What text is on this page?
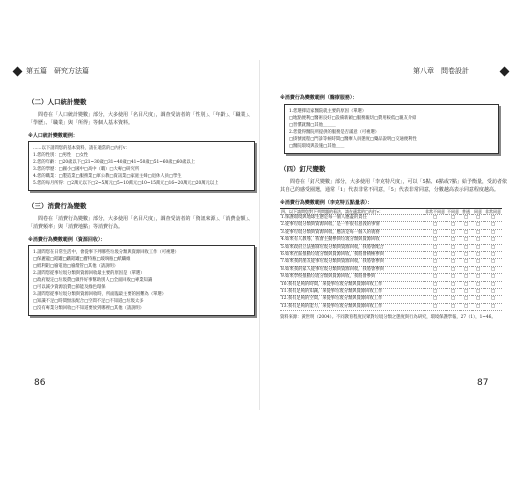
第五篇　研究方法篇
（二）人口統計變數

問卷在「人口統計變數」部分，大多使用「名目尺度」，調查受訪者的「性別」、「年齡」、「職業」、「學歷」、「職業」與「所得」等個人基本資料。

※人口統計變數範例：
……以下請問您的基本資料，請在適當的□內打v：
1.您的性別：□男性　□女性
2.您的年齡：□20歲以下□21~30歲□31~40歲□41~50歲□51~60歲□60歲以上
3.您的學歷：□國小□國中□高中（職）□大專□研究所
4.您的職業：□製造業□服務業□軍公教□資訊業□家庭主婦□退休人員□學生
5.您的每月所得：□2萬元以下□2~5萬元□5~10萬元□10~15萬元□16~20萬元□20萬元以上
（三）消費行為變數

問卷在「消費行為變數」部分，大多使用「名目尺度」，調查受訪者的「資訊來源」、「消費金額」、「消費頻率」與「消費地點」等消費行為。

※消費行為變數範例（資源回收）：
1.請問您在日常生活中，會從事下列哪些垃圾分類與資源回收工作（可複選）
□保麗龍□鋁罐□鐵鋁罐□寶特瓶□玻璃瓶□紙纖維
□紙利鋁□廢電池□廢燈管□其他（請說明）
2.請問您從事垃圾分類與資源回收最主要的原因是（單選）
□政府規定□垃圾費□做件好事幫助別人□全面回收□專業知識
□可以減少資源浪費□節能及綠色環保
3.請問您從事垃圾分類與資源回收時，所面臨最主要的困難為（單選）
□知識不足□時間無法配合□空間不足□不知道□垃圾太多
□沒有專業分類回收□不知道要放到哪裡□其他（請說明）
86
第八章　問卷設計
※消費行為變數範例（醫療服務）：
1.您選擇這家醫院就主要的原因（單選）
□地點便利□醫術良好□設備新穎□服務親切□費用較低□親友介紹
□習慣就醫□其他＿＿＿
2.您覺得醫院所提供的服務是否滿意（可複選）
□掛號流程□門診等候時間□醫療人員態度□藥品說明□交通便利性
□醫院環境與設施□其他＿＿
（四）釘尺變數

問卷在「釘尺變數」部分，大多使用「李克特尺度」，可以「5點、6點或7點」給予衡量，受訪者依其自己的感受圈選，通常「1」代表非常不同意，「5」代表非常同意，分數越高表示同意程度越高。

※消費行為變數範例（李克特五點量表）：
四、以下請問您對下列問題的看法，請在適當的□內打v：	非常不同意	不同意	普通	同意	非常同意
1.保護環境與地球生態是每一個人應盡的責任	□	□	□	□	□
2.從事垃圾分類與資源回收，是一件很有意義的事情	□	□	□	□	□
3.從事垃圾分類與資源回收，應該是每一個人的義務	□	□	□	□	□
4.如果有人教導，我會主動參與垃圾分類與資源回收	□	□	□	□	□
5.如果政府立法強制垃圾分類與資源回收，我將會配合	□	□	□	□	□
6.如果社區推動垃圾分類與資源回收，我將會積極參與	□	□	□	□	□
7.如果我的朋友從事垃圾分類與資源回收，我將會參與	□	□	□	□	□
8.如果我的家人從事垃圾分類與資源回收，我將會參與	□	□	□	□	□
9.如果學校推動垃圾分類與資源回收，我將會參與	□	□	□	□	□
10.我有足夠的時間，來從事垃圾分類與資源回收工作	□	□	□	□	□
11.我有足夠的知識，來從事垃圾分類與資源回收工作	□	□	□	□	□
12.我有足夠的空間，來從事垃圾分類與資源回收工作	□	□	□	□	□
13.我有足夠的能力，來從事垃圾分類與資源回收工作	□	□	□	□	□
資料來源：黃世明（2004）。不同教育程度民眾對垃圾分類之態度與行為研究，環境保護學報，27（1），1~46。
87
